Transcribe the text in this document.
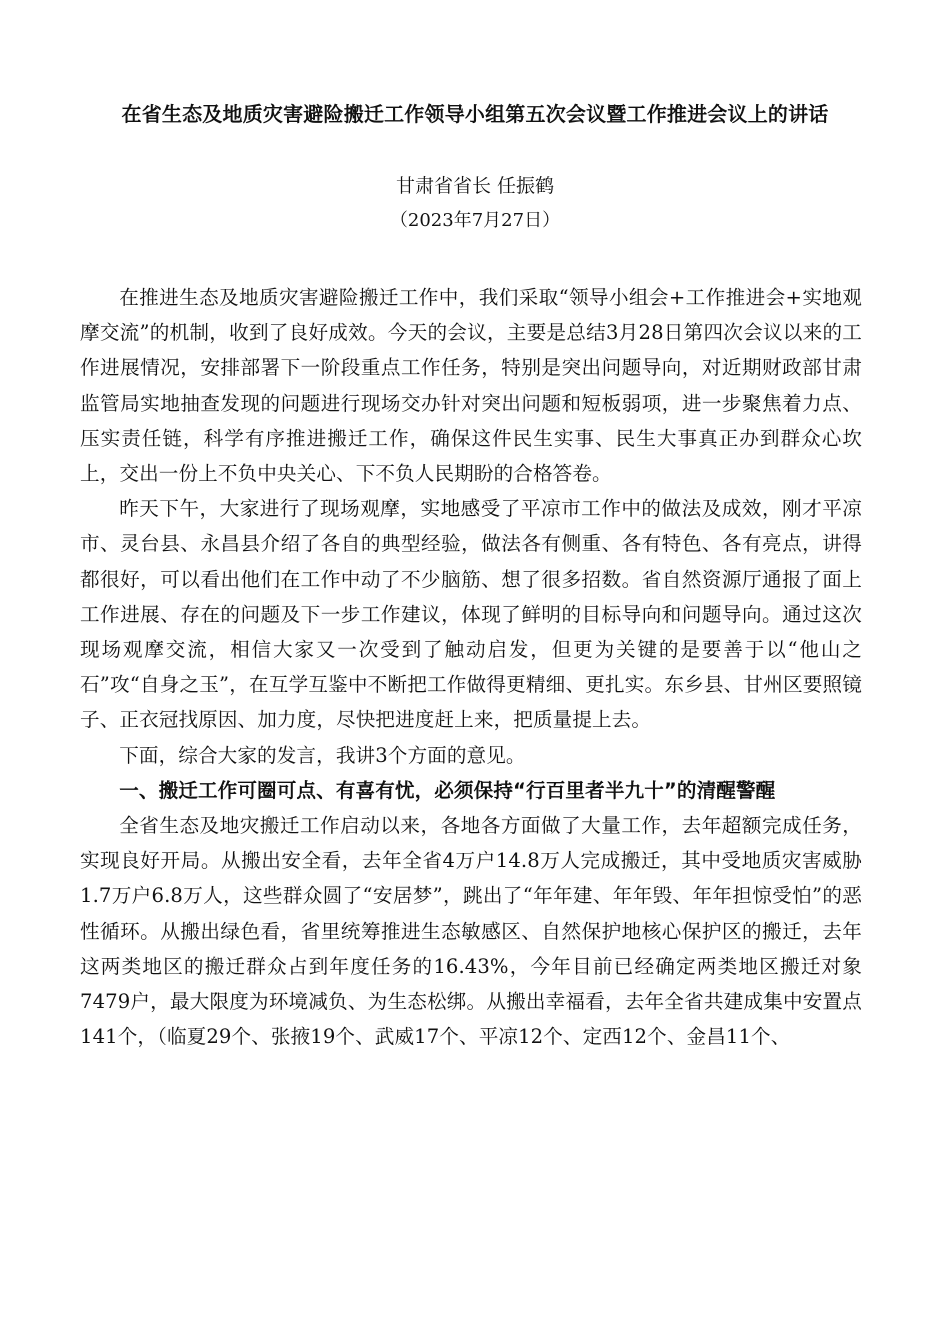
在省生态及地质灾害避险搬迁工作领导小组第五次会议暨工作推进会议上的讲话
甘肃省省长 任振鹤
（2023年7月27日）

在推进生态及地质灾害避险搬迁工作中，我们采取“领导小组会+工作推进会+实地观摩交流”的机制，收到了良好成效。今天的会议，主要是总结3月28日第四次会议以来的工作进展情况，安排部署下一阶段重点工作任务，特别是突出问题导向，对近期财政部甘肃监管局实地抽查发现的问题进行现场交办针对突出问题和短板弱项，进一步聚焦着力点、压实责任链，科学有序推进搬迁工作，确保这件民生实事、民生大事真正办到群众心坎上，交出一份上不负中央关心、下不负人民期盼的合格答卷。

昨天下午，大家进行了现场观摩，实地感受了平凉市工作中的做法及成效，刚才平凉市、灵台县、永昌县介绍了各自的典型经验，做法各有侧重、各有特色、各有亮点，讲得都很好，可以看出他们在工作中动了不少脑筋、想了很多招数。省自然资源厅通报了面上工作进展、存在的问题及下一步工作建议，体现了鲜明的目标导向和问题导向。通过这次现场观摩交流，相信大家又一次受到了触动启发，但更为关键的是要善于以“他山之石”攻“自身之玉”，在互学互鉴中不断把工作做得更精细、更扎实。东乡县、甘州区要照镜子、正衣冠找原因、加力度，尽快把进度赶上来，把质量提上去。

下面，综合大家的发言，我讲3个方面的意见。

一、搬迁工作可圈可点、有喜有忧，必须保持“行百里者半九十”的清醒警醒

全省生态及地灾搬迁工作启动以来，各地各方面做了大量工作，去年超额完成任务，实现良好开局。从搬出安全看，去年全省4万户14.8万人完成搬迁，其中受地质灾害威胁1.7万户6.8万人，这些群众圆了“安居梦”，跳出了“年年建、年年毁、年年担惊受怕”的恶性循环。从搬出绿色看，省里统筹推进生态敏感区、自然保护地核心保护区的搬迁，去年这两类地区的搬迁群众占到年度任务的16.43%，今年目前已经确定两类地区搬迁对象7479户，最大限度为环境减负、为生态松绑。从搬出幸福看，去年全省共建成集中安置点141个，（临夏29个、张掖19个、武威17个、平凉12个、定西12个、金昌11个、
